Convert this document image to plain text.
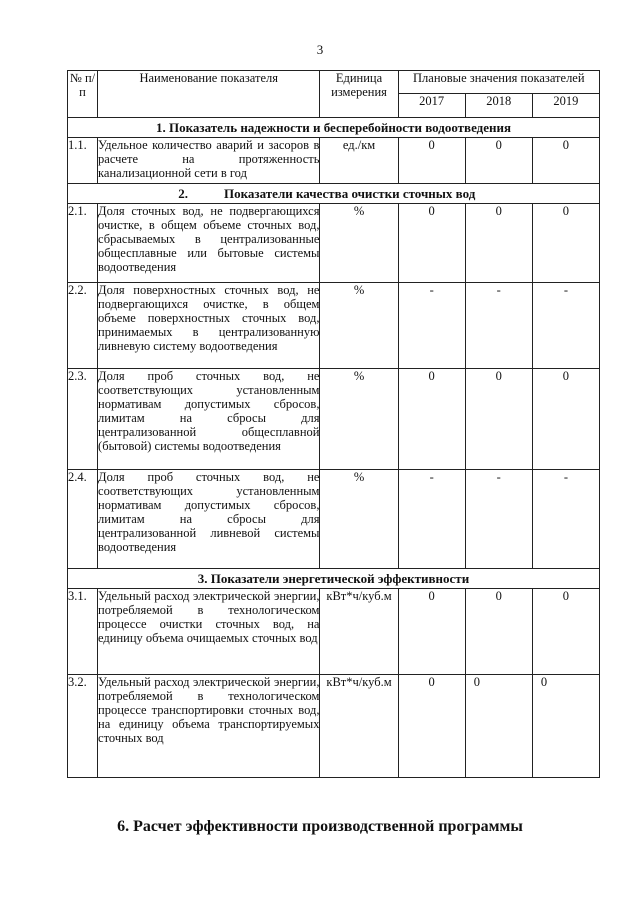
3
№ п/п	Наименование показателя	Единица измерения	Плановые значения показателей		
			2017	2018	2019
1. Показатель надежности и бесперебойности водоотведения					
1.1.	Удельное количество аварий и засоров в расчете на протяженность канализационной сети в год	ед./км	0	0	0
2. Показатели качества очистки сточных вод					
2.1.	Доля сточных вод, не подвергающихся очистке, в общем объеме сточных вод, сбрасываемых в централизованные общесплавные или бытовые системы водоотведения	%	0	0	0
2.2.	Доля поверхностных сточных вод, не подвергающихся очистке, в общем объеме поверхностных сточных вод, принимаемых в централизованную ливневую систему водоотведения	%	-	-	-
2.3.	Доля проб сточных вод, не соответствующих установленным нормативам допустимых сбросов, лимитам на сбросы для централизованной общесплавной (бытовой) системы водоотведения	%	0	0	0
2.4.	Доля проб сточных вод, не соответствующих установленным нормативам допустимых сбросов, лимитам на сбросы для централизованной ливневой системы водоотведения	%	-	-	-
3. Показатели энергетической эффективности					
3.1.	Удельный расход электрической энергии, потребляемой в технологическом процессе очистки сточных вод, на единицу объема очищаемых сточных вод	кВт*ч/куб.м	0	0	0
3.2.	Удельный расход электрической энергии, потребляемой в технологическом процессе транспортировки сточных вод, на единицу объема транспортируемых сточных вод	кВт*ч/куб.м	0	0	0
6. Расчет эффективности производственной программы
